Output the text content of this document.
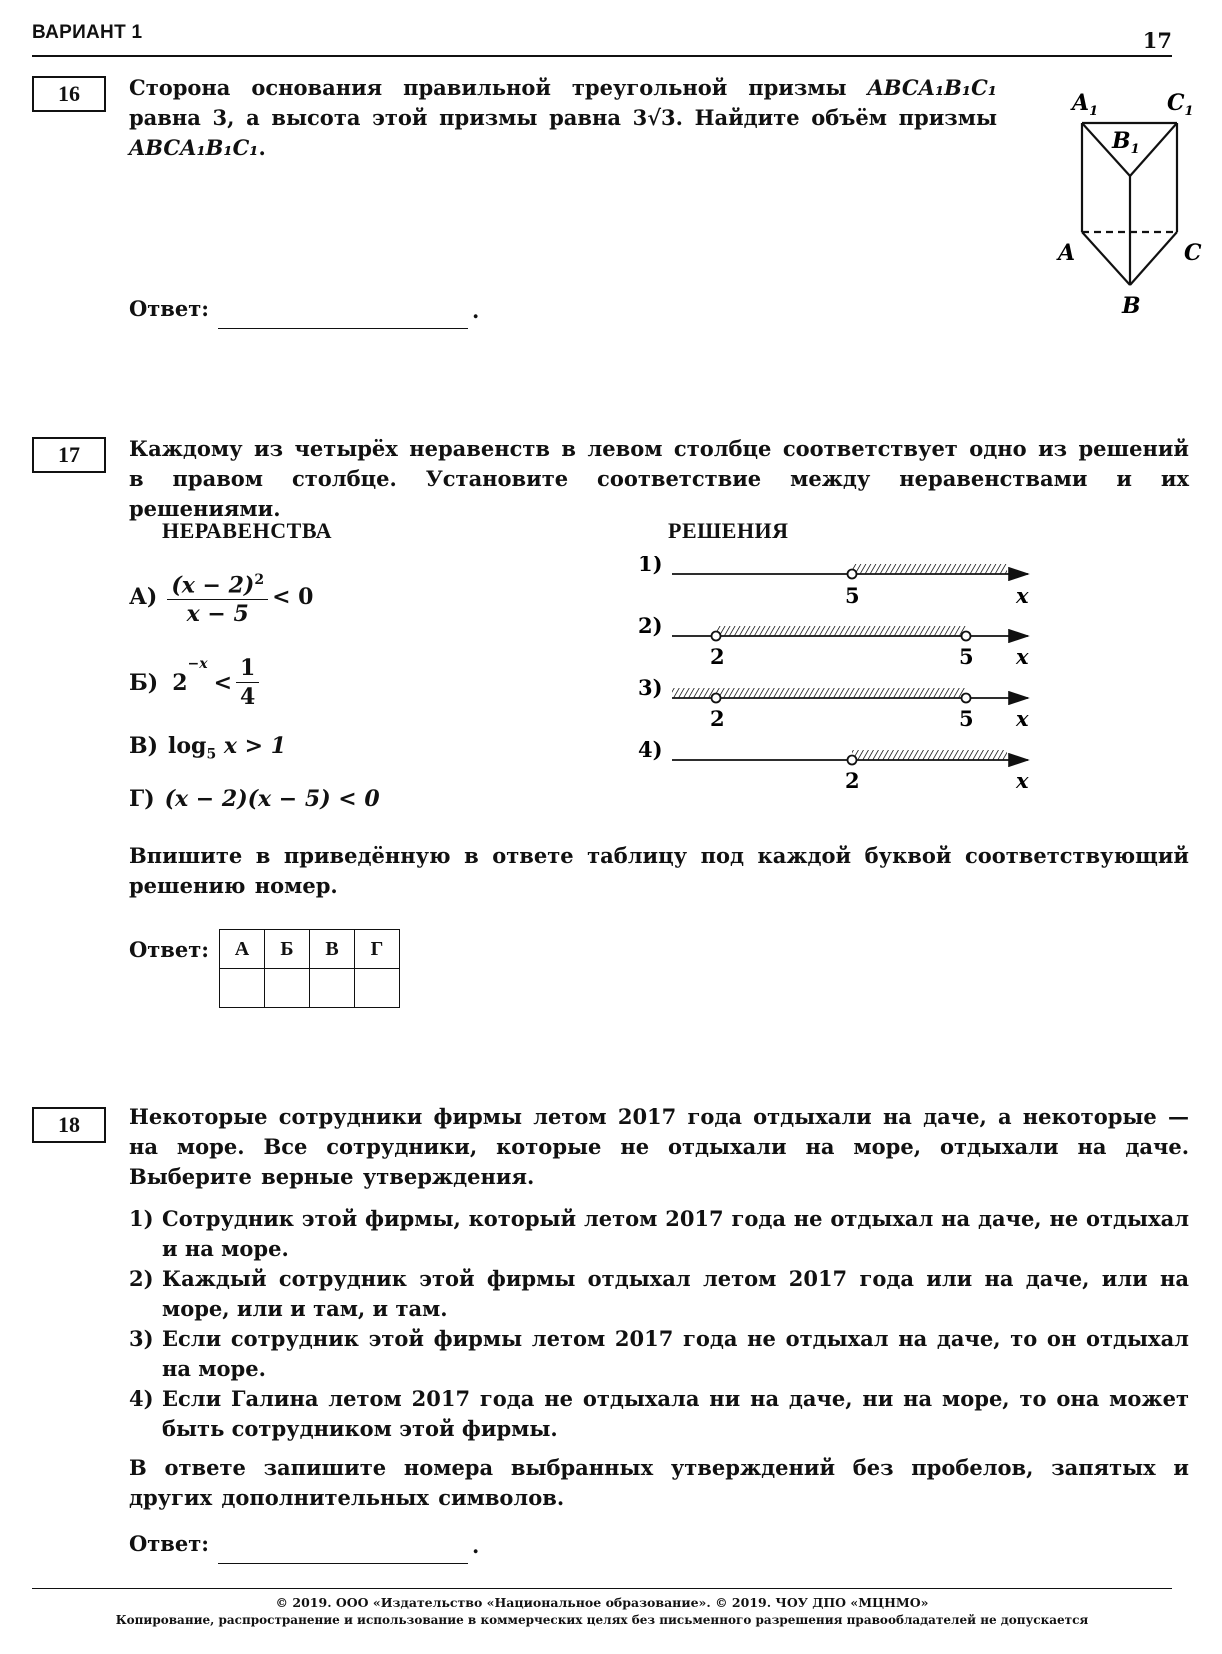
ВАРИАНТ 1	17
16	Сторона основания правильной треугольной призмы ABCA₁B₁C₁ равна 3, а высота этой призмы равна 3√3. Найдите объём призмы ABCA₁B₁C₁.
$A_1$	$C_1$
$B_1$
A	C
B
Ответ:	.
17	Каждому из четырёх неравенств в левом столбце соответствует одно из решений в правом столбце. Установите соответствие между неравенствами и их решениями.
НЕРАВЕНСТВА	РЕШЕНИЯ
$А) \frac{(x - 2)^2}{x - 5} < 0$
Б) 2
$^{-x}$
< $\frac{1}{4}$
В) $\log_5 x > 1$
Г) (x − 2)(x − 5) < 0
1)
5	x
2)
2	5 x
3)
2	5 x
4)
2	x
Впишите в приведённую в ответе таблицу под каждой буквой соответствующий решению номер.
Ответ: А	Б	В	Г

18	Некоторые сотрудники фирмы летом 2017 года отдыхали на даче, а некоторые — на море. Все сотрудники, которые не отдыхали на море, отдыхали на даче. Выберите верные утверждения.
1) Сотрудник этой фирмы, который летом 2017 года не отдыхал на даче, не отдыхал и на море.
2) Каждый сотрудник этой фирмы отдыхал летом 2017 года или на даче, или на море, или и там, и там.
3) Если сотрудник этой фирмы летом 2017 года не отдыхал на даче, то он отдыхал на море.
4) Если Галина летом 2017 года не отдыхала ни на даче, ни на море, то она может быть сотрудником этой фирмы.
В ответе запишите номера выбранных утверждений без пробелов, запятых и других дополнительных символов.
Ответ:	.
© 2019. ООО «Издательство «Национальное образование». © 2019. ЧОУ ДПО «МЦНМО»
Копирование, распространение и использование в коммерческих целях без письменного разрешения правообладателей не допускается
